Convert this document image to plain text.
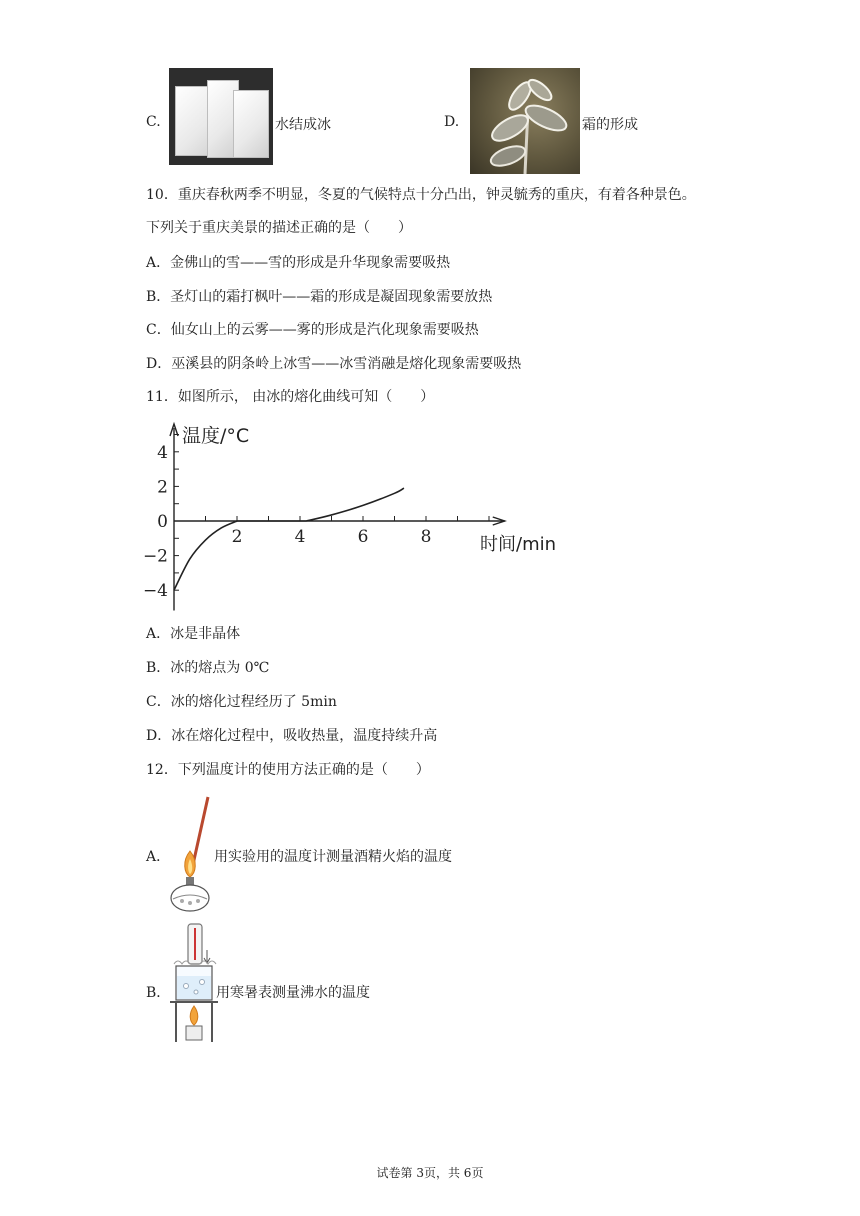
C.	水结成冰	D.	霜的形成
10．重庆春秋两季不明显，冬夏的气候特点十分凸出，钟灵毓秀的重庆，有着各种景色。
下列关于重庆美景的描述正确的是（　　）
A．金佛山的雪——雪的形成是升华现象需要吸热
B．圣灯山的霜打枫叶——霜的形成是凝固现象需要放热
C．仙女山上的云雾——雾的形成是汽化现象需要吸热
D．巫溪县的阴条岭上冰雪——冰雪消融是熔化现象需要吸热
11．如图所示， 由冰的熔化曲线可知（　　）
2	4	6	8
4
2
0
−2
−4
温度/°C
时间/min
A．冰是非晶体
B．冰的熔点为 0℃
C．冰的熔化过程经历了 5min
D．冰在熔化过程中，吸收热量，温度持续升高
12．下列温度计的使用方法正确的是（　　）
A．	用实验用的温度计测量酒精火焰的温度
B．	用寒暑表测量沸水的温度
试卷第 3页，共 6页
